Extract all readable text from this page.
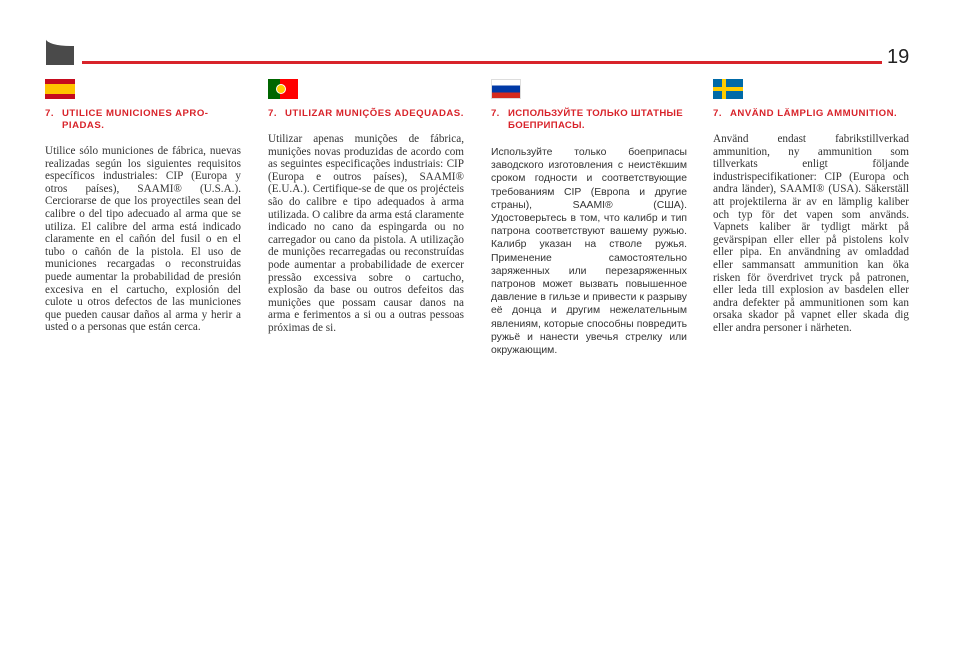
19
7. UTILICE MUNICIONES APRO-PIADAS.
Utilice sólo municiones de fábrica, nuevas realizadas según los siguientes requisitos específicos industriales: CIP (Europa y otros países), SAAMI® (U.S.A.). Cerciorarse de que los proyectiles sean del calibre o del tipo adecuado al arma que se utiliza. El calibre del arma está indicado claramente en el cañón del fusil o en el tubo o cañón de la pistola. El uso de municiones recargadas o reconstruidas puede aumentar la probabilidad de presión excesiva en el cartucho, explosión del culote u otros defectos de las municiones que pueden causar daños al arma y herir a usted o a personas que están cerca.
7. UTILIZAR MUNIÇÕES ADEQUADAS.
Utilizar apenas munições de fábrica, munições novas produzidas de acordo com as seguintes especificações industriais: CIP (Europa e outros países), SAAMI® (E.U.A.). Certifique-se de que os projécteis são do calibre e tipo adequados à arma utilizada. O calibre da arma está claramente indicado no cano da espingarda ou no carregador ou cano da pistola. A utilização de munições recarregadas ou reconstruídas pode aumentar a probabilidade de exercer pressão excessiva sobre o cartucho, explosão da base ou outros defeitos das munições que possam causar danos na arma e ferimentos a si ou a outras pessoas próximas de si.
7. ИСПОЛЬЗУЙТЕ ТОЛЬКО ШТАТНЫЕ БОЕПРИПАСЫ.
Используйте только боеприпасы заводского изготовления с неистёкшим сроком годности и соответствующие требованиям CIP (Европа и другие страны), SAAMI® (США). Удостоверьтесь в том, что калибр и тип патрона соответствуют вашему ружью. Калибр указан на стволе ружья. Применение самостоятельно заряженных или перезаряженных патронов может вызвать повышенное давление в гильзе и привести к разрыву её донца и другим нежелательным явлениям, которые способны повредить ружьё и нанести увечья стрелку или окружающим.
7. ANVÄND LÄMPLIG AMMUNITION.
Använd endast fabrikstillverkad ammunition, ny ammunition som tillverkats enligt följande industrispecifikationer: CIP (Europa och andra länder), SAAMI® (USA). Säkerställ att projektilerna är av en lämplig kaliber och typ för det vapen som används. Vapnets kaliber är tydligt märkt på gevärspipan eller eller på pistolens kolv eller pipa. En användning av omladdad eller sammansatt ammunition kan öka risken för överdrivet tryck på patronen, eller leda till explosion av basdelen eller andra defekter på ammunitionen som kan orsaka skador på vapnet eller skada dig eller andra personer i närheten.
